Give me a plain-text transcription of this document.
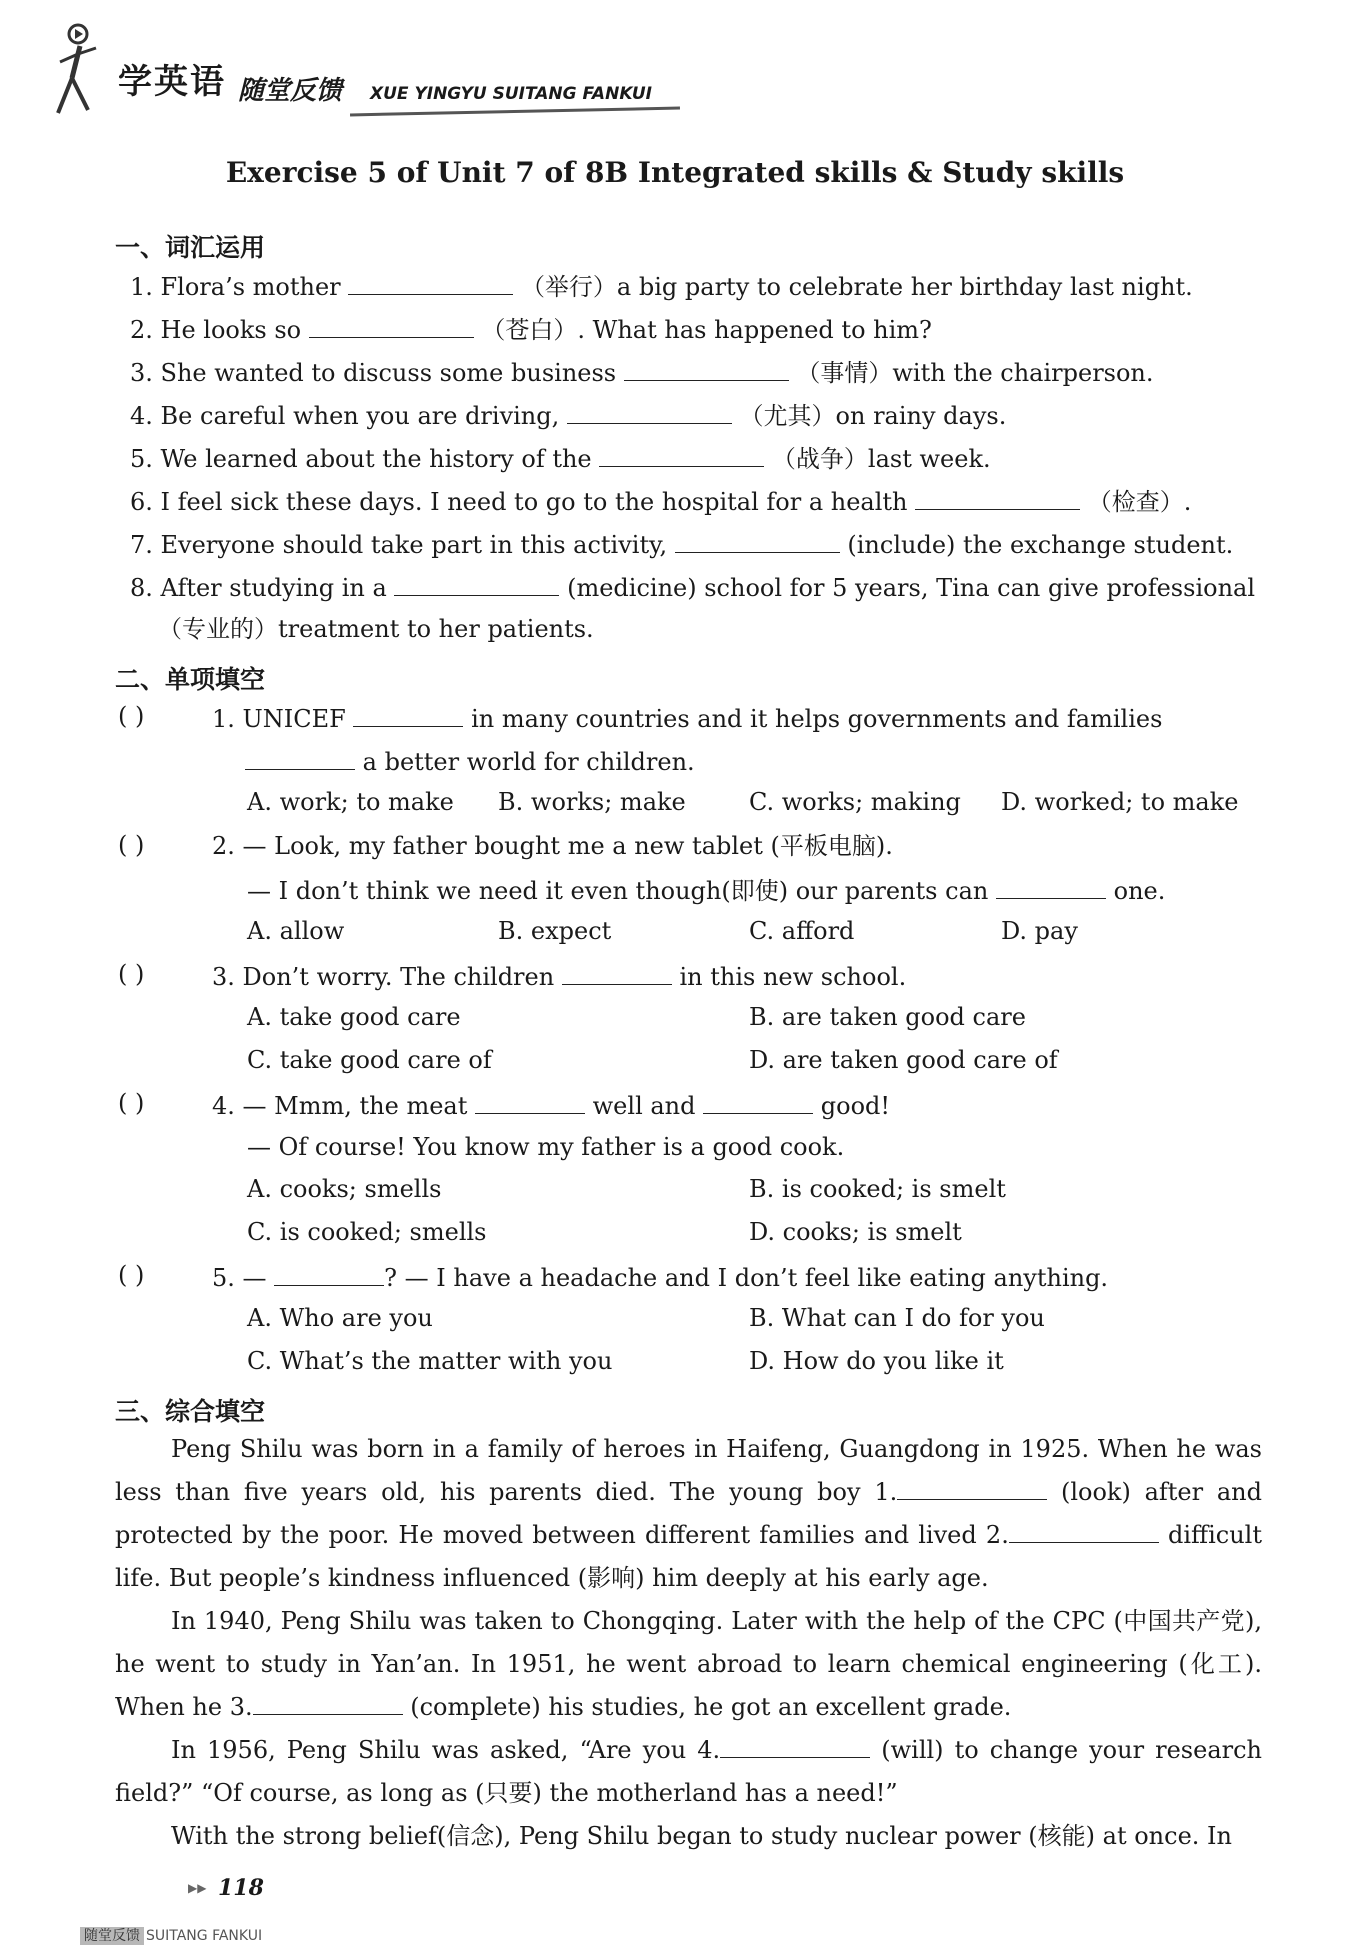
学英语 随堂反馈 XUE YINGYU SUITANG FANKUI
Exercise 5 of Unit 7 of 8B Integrated skills & Study skills
一、词汇运用
1. Flora’s mother	（举行）a big party to celebrate her birthday last night.
2. He looks so	（苍白）. What has happened to him?
3. She wanted to discuss some business	（事情）with the chairperson.
4. Be careful when you are driving,	（尤其）on rainy days.
5. We learned about the history of the	（战争）last week.
6. I feel sick these days. I need to go to the hospital for a health	（检查）.
7. Everyone should take part in this activity,	(include) the exchange student.
8. After studying in a	(medicine) school for 5 years, Tina can give professional
（专业的）treatment to her patients.
二、单项填空
( )	1. UNICEF	in many countries and it helps governments and families
a better world for children.
A. work; to make B. works; make	C. works; making D. worked; to make
( )	2. — Look, my father bought me a new tablet (平板电脑).
— I don’t think we need it even though(即使) our parents can	one.
A. allow	B. expect	C. afford	D. pay
( )	3. Don’t worry. The children	in this new school.
A. take good care	B. are taken good care
C. take good care of	D. are taken good care of
( )	4. — Mmm, the meat	well and	good!
— Of course! You know my father is a good cook.
A. cooks; smells	B. is cooked; is smelt
C. is cooked; smells	D. cooks; is smelt
( )	5. —	? — I have a headache and I don’t feel like eating anything.
A. Who are you	B. What can I do for you
C. What’s the matter with you	D. How do you like it
三、综合填空
Peng Shilu was born in a family of heroes in Haifeng, Guangdong in 1925. When he was less than five years old, his parents died. The young boy 1.	(look) after and protected by the poor. He moved between different families and lived 2.	difficult life. But people’s kindness influenced (影响) him deeply at his early age.
In 1940, Peng Shilu was taken to Chongqing. Later with the help of the CPC (中国共产党), he went to study in Yan’an. In 1951, he went abroad to learn chemical engineering (化工). When he 3.	(complete) his studies, he got an excellent grade.
In 1956, Peng Shilu was asked, “Are you 4.	(will) to change your research field?” “Of course, as long as (只要) the motherland has a need!”
With the strong belief(信念), Peng Shilu began to study nuclear power (核能) at once. In
▶▶ 118
随堂反馈 SUITANG FANKUI
